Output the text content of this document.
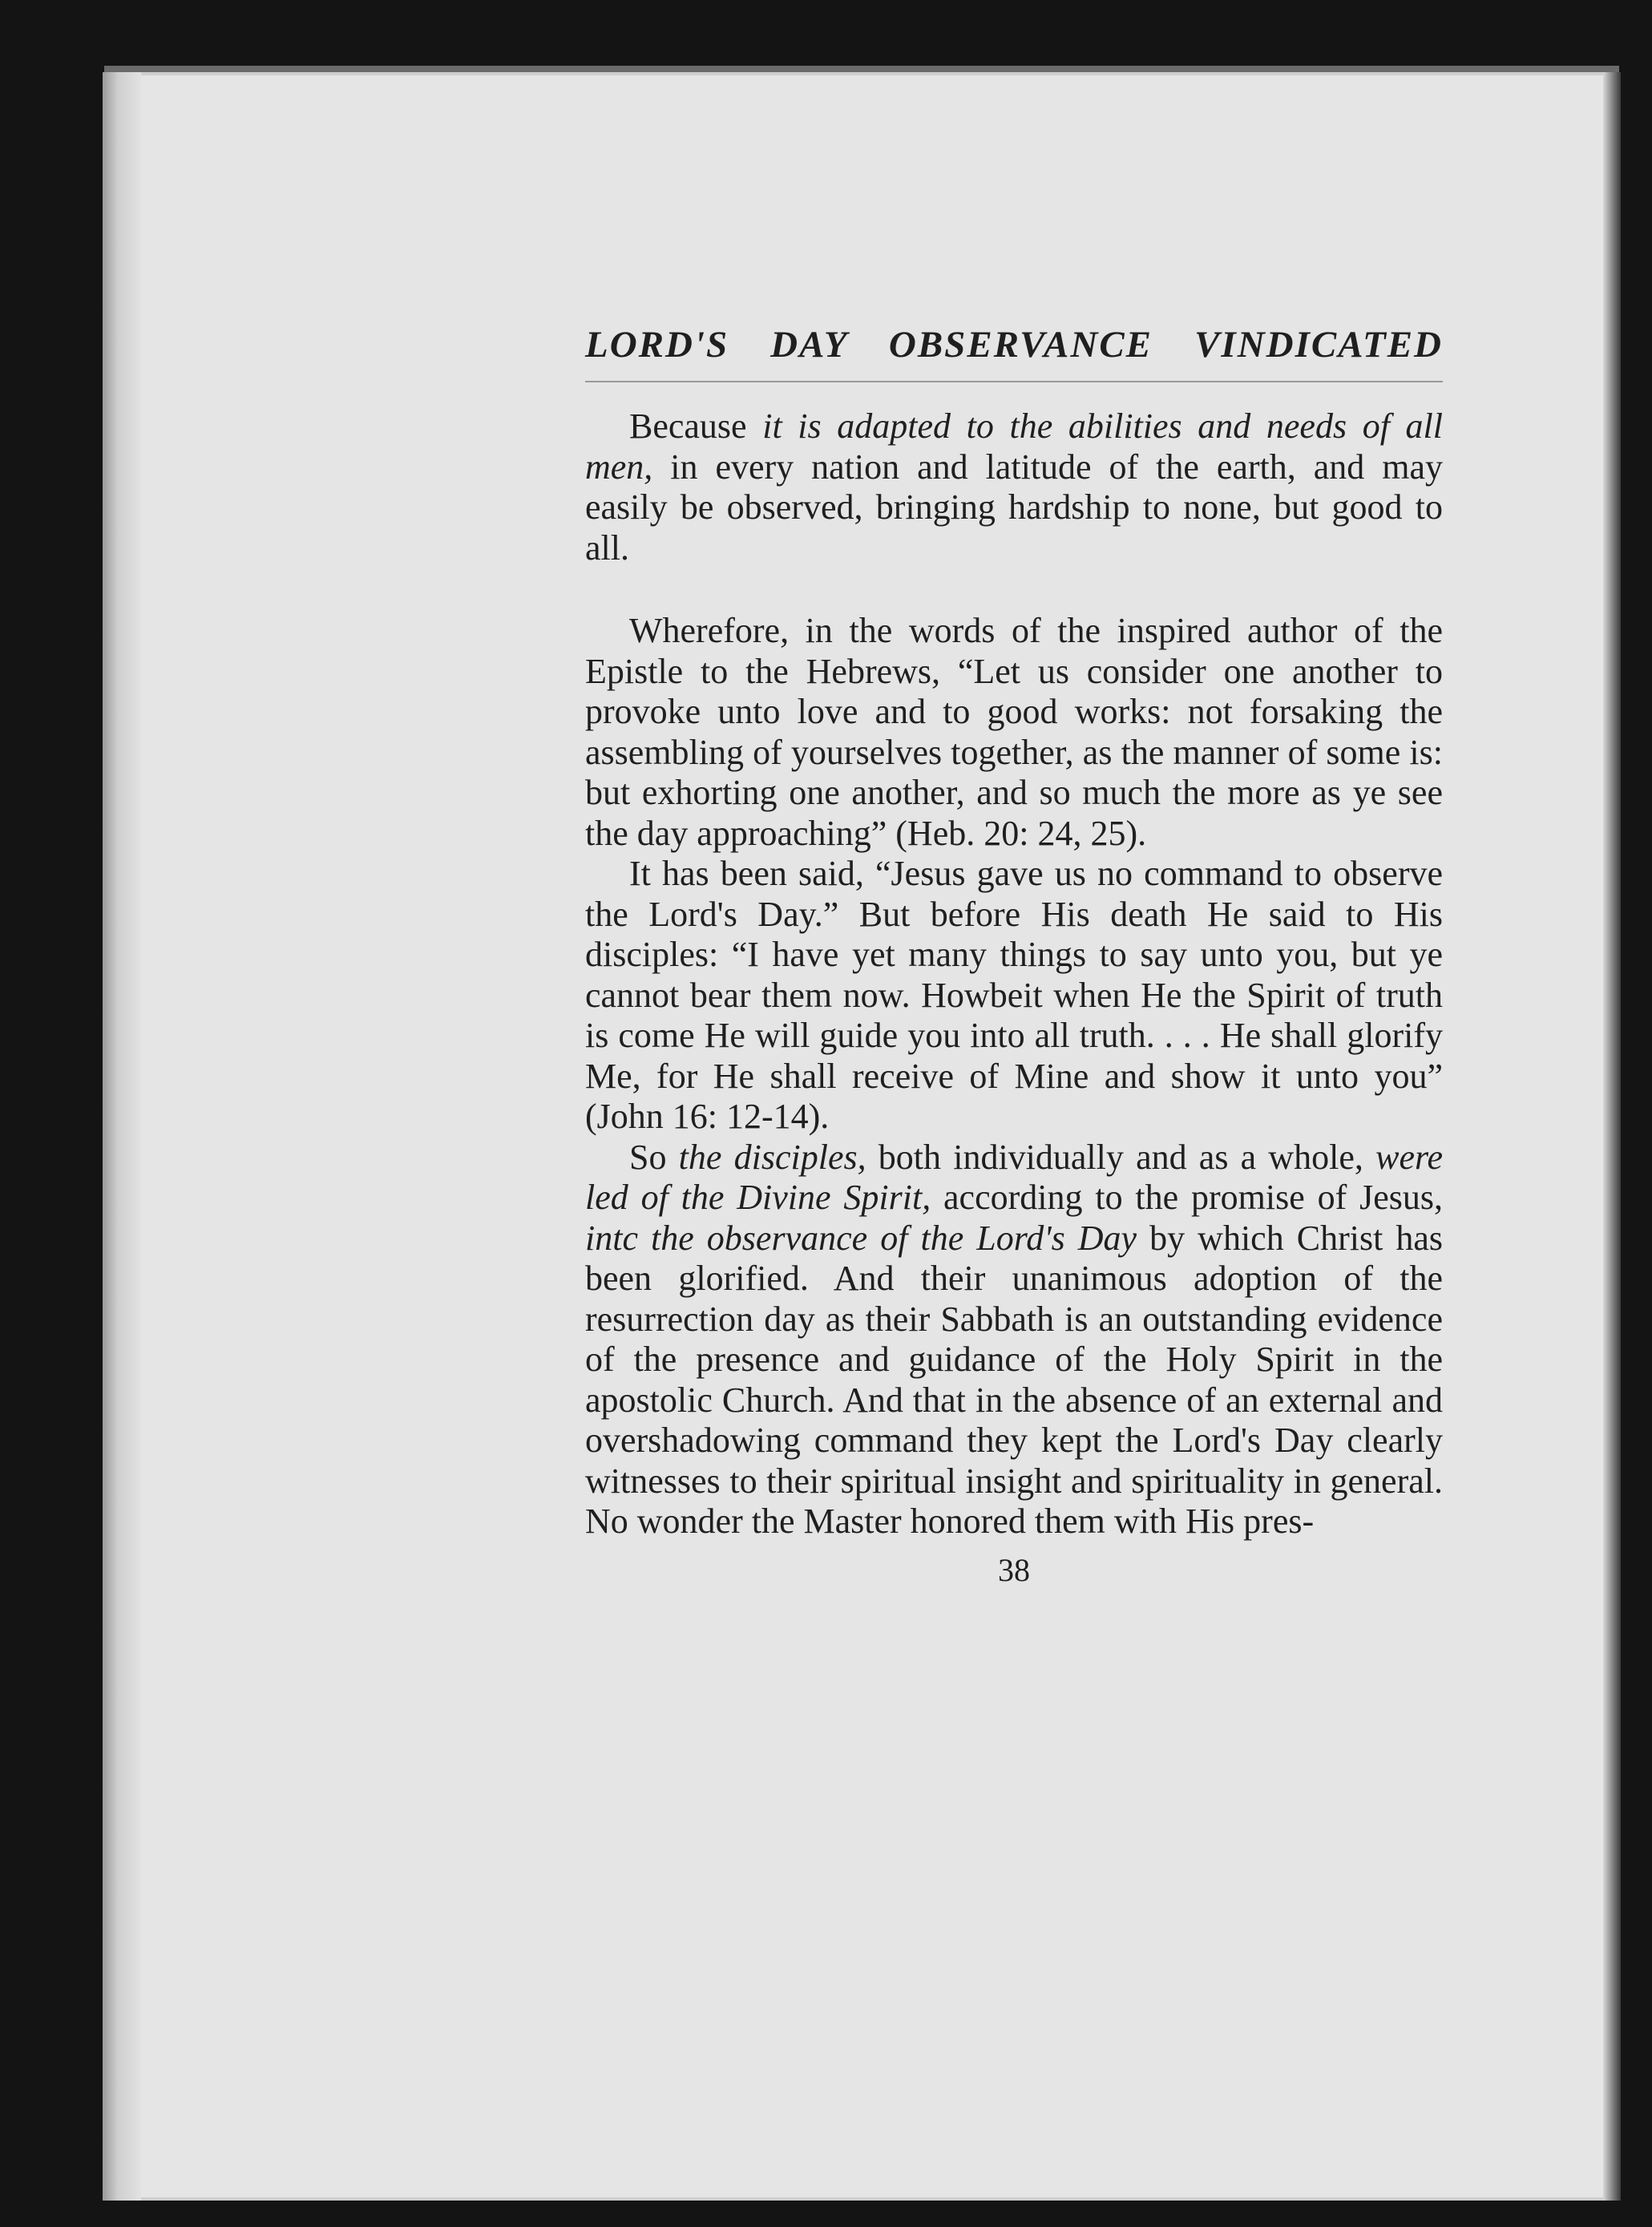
LORD'S DAY OBSERVANCE VINDICATED

Because it is adapted to the abilities and needs of all men, in every nation and latitude of the earth, and may easily be observed, bringing hardship to none, but good to all.

Wherefore, in the words of the inspired author of the Epistle to the Hebrews, “Let us consider one another to provoke unto love and to good works: not forsaking the assembling of yourselves together, as the manner of some is: but exhorting one another, and so much the more as ye see the day approaching” (Heb. 20: 24, 25).

It has been said, “Jesus gave us no command to observe the Lord's Day.” But before His death He said to His disciples: “I have yet many things to say unto you, but ye cannot bear them now. Howbeit when He the Spirit of truth is come He will guide you into all truth. . . . He shall glorify Me, for He shall receive of Mine and show it unto you” (John 16: 12-14).

So the disciples, both individually and as a whole, were led of the Divine Spirit, according to the promise of Jesus, intc the observance of the Lord's Day by which Christ has been glorified. And their unanimous adoption of the resurrection day as their Sabbath is an outstanding evidence of the presence and guidance of the Holy Spirit in the apostolic Church. And that in the absence of an external and overshadowing command they kept the Lord's Day clearly witnesses to their spiritual insight and spirituality in general. No wonder the Master honored them with His pres-

38
